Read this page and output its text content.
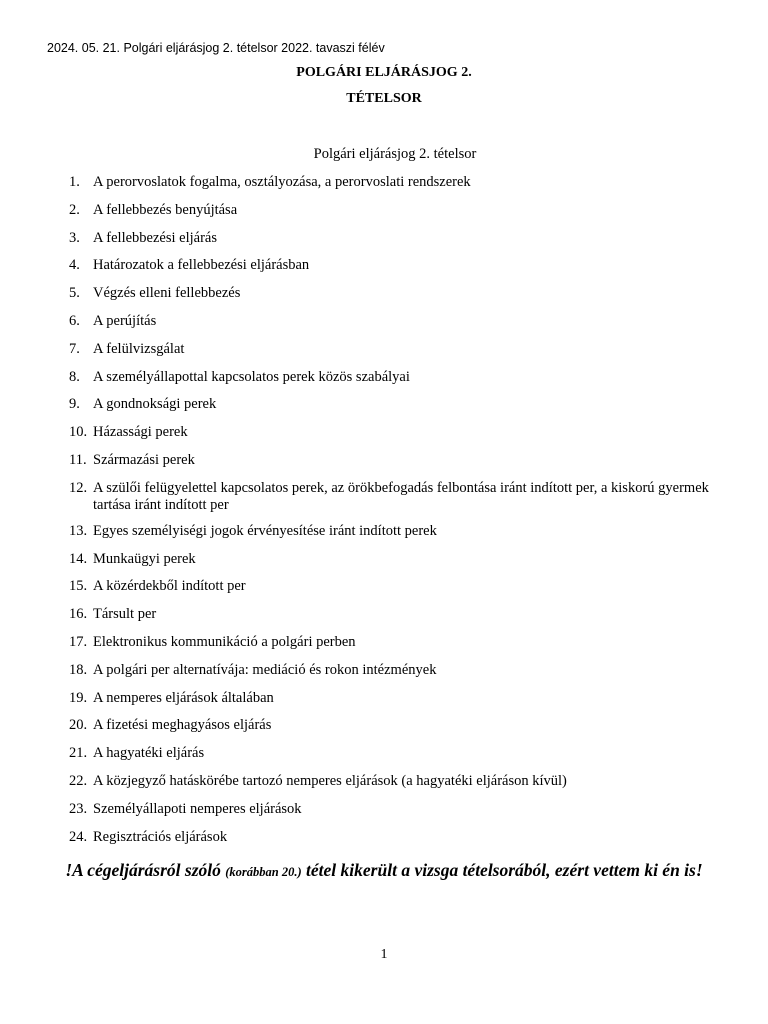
2024. 05. 21. Polgári eljárásjog 2. tételsor 2022. tavaszi félév
POLGÁRI ELJÁRÁSJOG 2.
TÉTELSOR
Polgári eljárásjog 2. tételsor
1. A perorvoslatok fogalma, osztályozása, a perorvoslati rendszerek
2. A fellebbezés benyújtása
3. A fellebbezési eljárás
4. Határozatok a fellebbezési eljárásban
5. Végzés elleni fellebbezés
6. A perújítás
7. A felülvizsgálat
8. A személyállapottal kapcsolatos perek közös szabályai
9. A gondnoksági perek
10. Házassági perek
11. Származási perek
12. A szülői felügyelettel kapcsolatos perek, az örökbefogadás felbontása iránt indított per, a kiskorú gyermek tartása iránt indított per
13. Egyes személyiségi jogok érvényesítése iránt indított perek
14. Munkaügyi perek
15. A közérdekből indított per
16. Társult per
17. Elektronikus kommunikáció a polgári perben
18. A polgári per alternatívája: mediáció és rokon intézmények
19. A nemperes eljárások általában
20. A fizetési meghagyásos eljárás
21. A hagyatéki eljárás
22. A közjegyző hatáskörébe tartozó nemperes eljárások (a hagyatéki eljáráson kívül)
23. Személyállapoti nemperes eljárások
24. Regisztrációs eljárások
!A cégeljárásról szóló (korábban 20.) tétel kikerült a vizsga tételsorából, ezért vettem ki én is!
1
